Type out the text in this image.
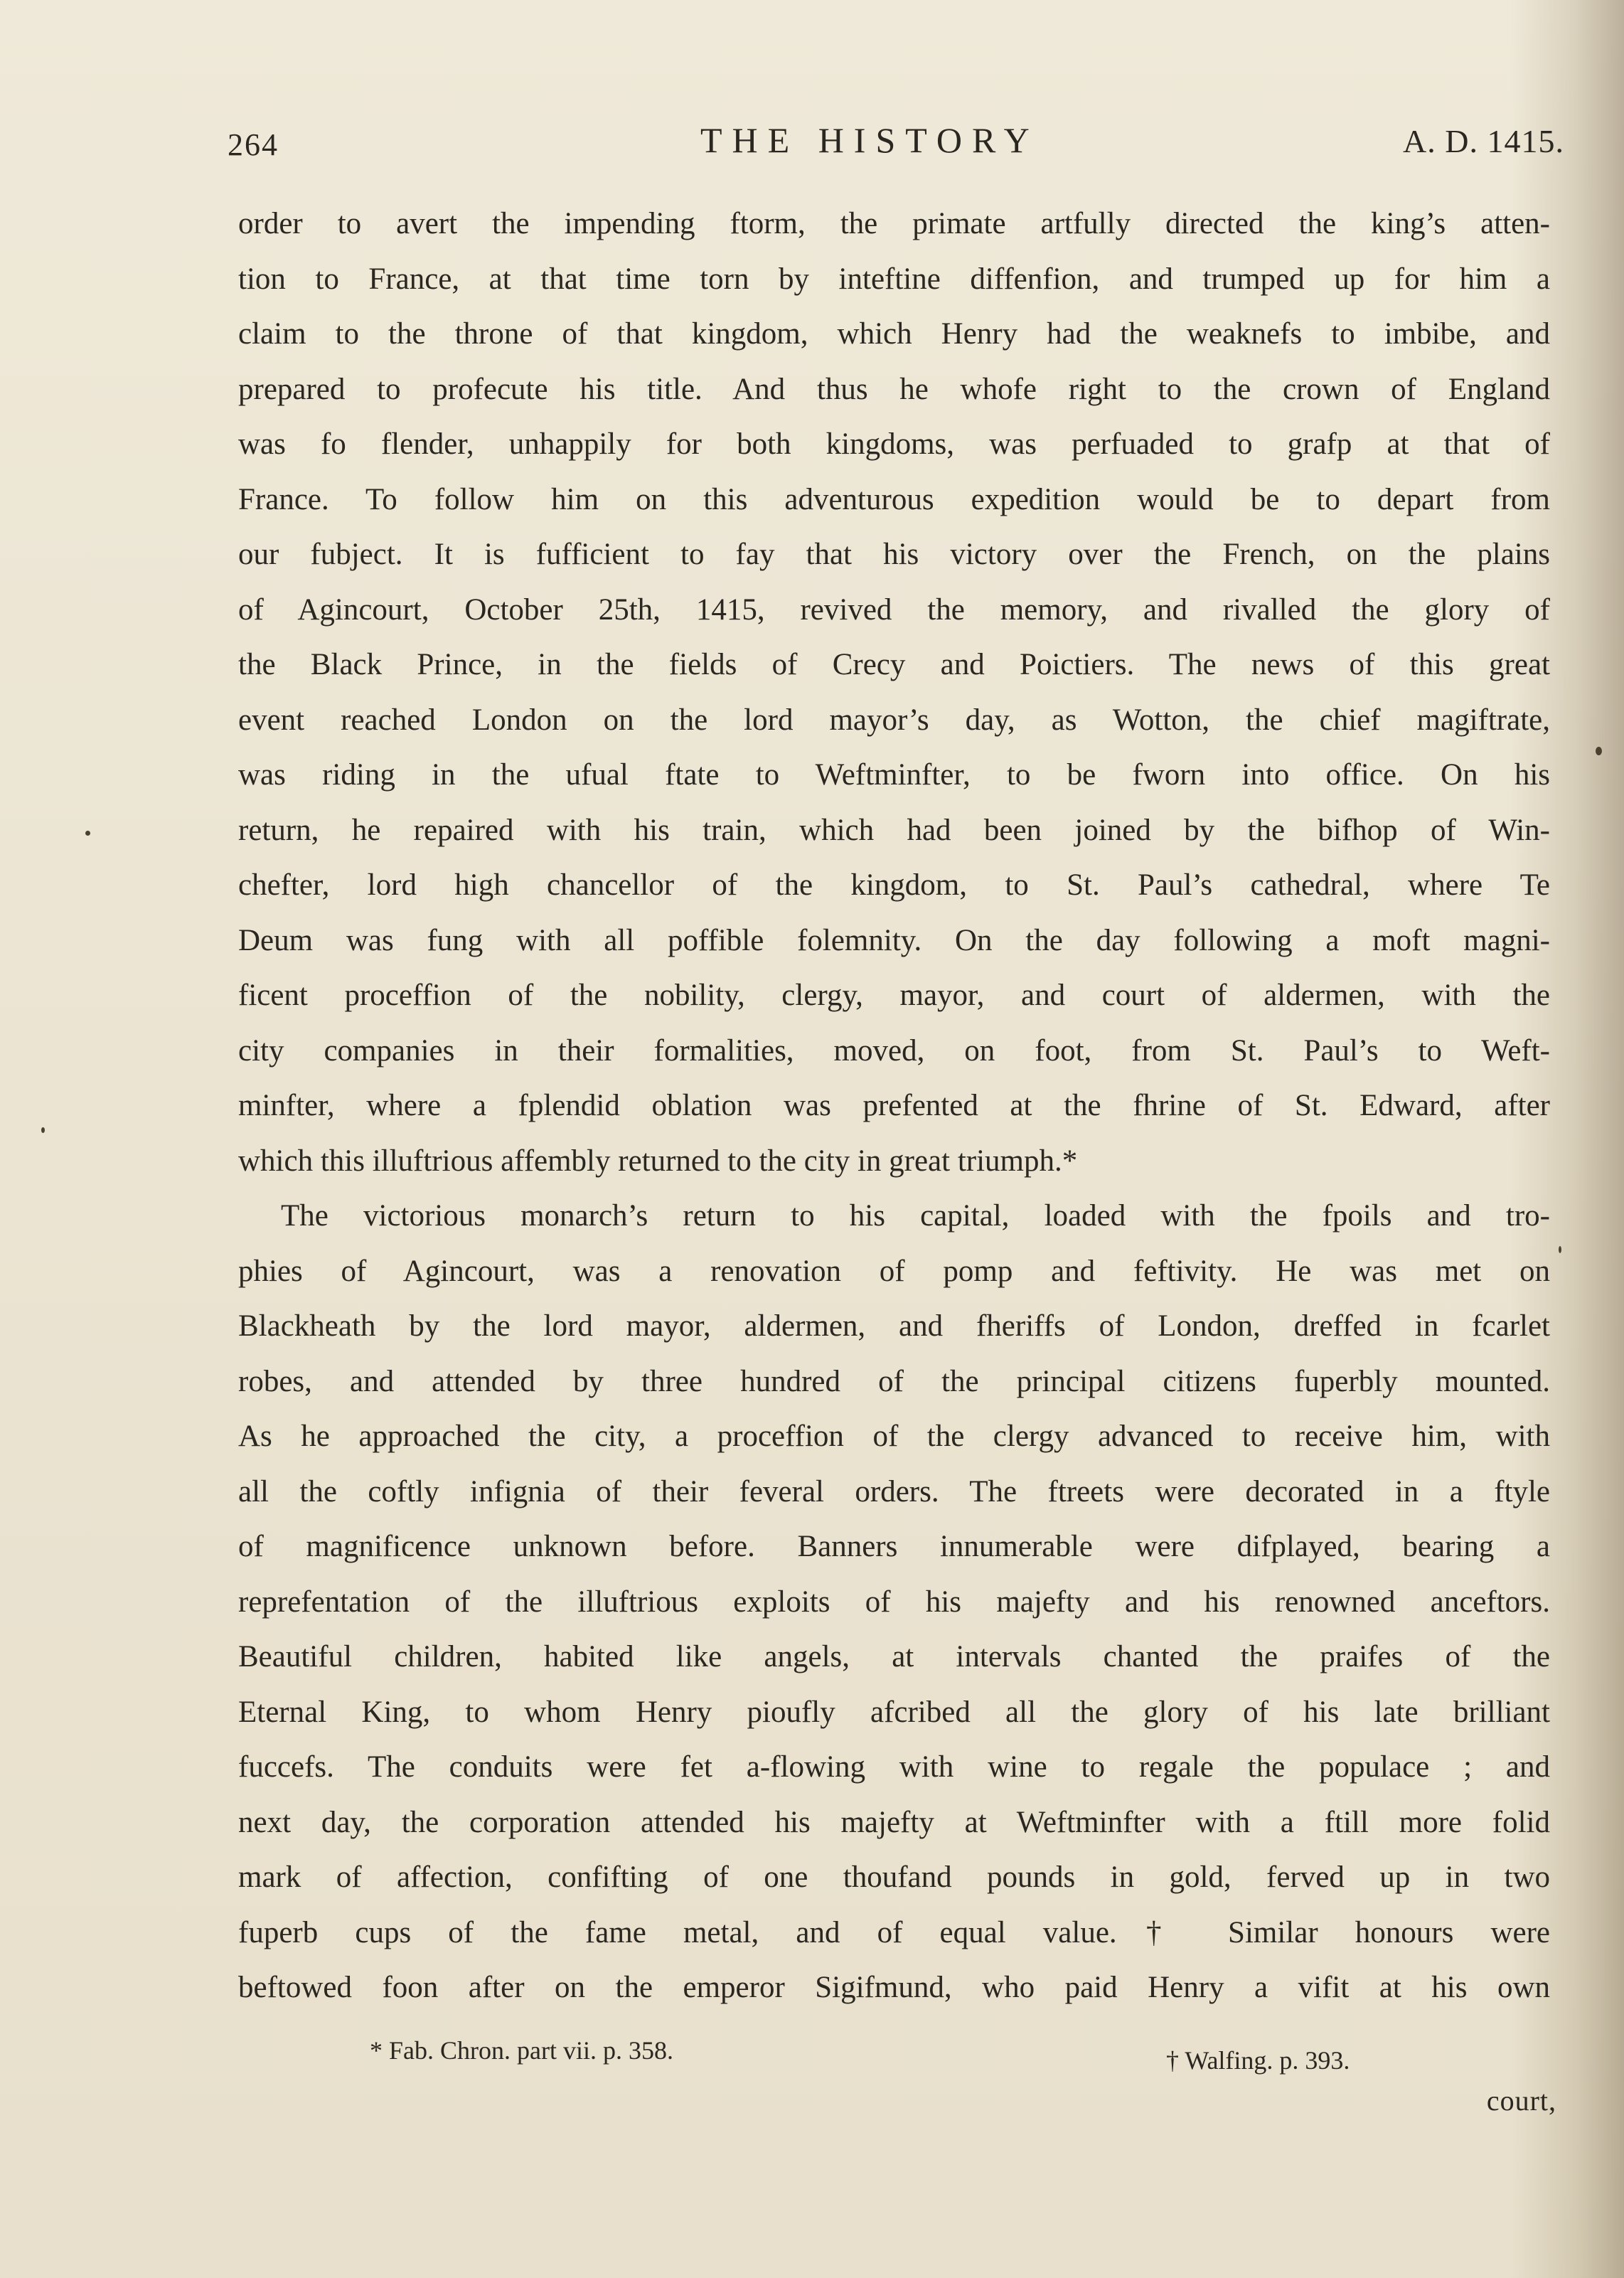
264	THE HISTORY	A. D. 1415.
order to avert the impending ftorm, the primate artfully directed the king’s atten-
tion to France, at that time torn by inteftine diffenfion, and trumped up for him a
claim to the throne of that kingdom, which Henry had the weaknefs to imbibe, and
prepared to profecute his title. And thus he whofe right to the crown of England
was fo flender, unhappily for both kingdoms, was perfuaded to grafp at that of
France. To follow him on this adventurous expedition would be to depart from
our fubject. It is fufficient to fay that his victory over the French, on the plains
of Agincourt, October 25th, 1415, revived the memory, and rivalled the glory of
the Black Prince, in the fields of Crecy and Poictiers. The news of this great
event reached London on the lord mayor’s day, as Wotton, the chief magiftrate,
was riding in the ufual ftate to Weftminfter, to be fworn into office. On his
return, he repaired with his train, which had been joined by the bifhop of Win-
chefter, lord high chancellor of the kingdom, to St. Paul’s cathedral, where Te
Deum was fung with all poffible folemnity. On the day following a moft magni-
ficent proceffion of the nobility, clergy, mayor, and court of aldermen, with the
city companies in their formalities, moved, on foot, from St. Paul’s to Weft-
minfter, where a fplendid oblation was prefented at the fhrine of St. Edward, after
which this illuftrious affembly returned to the city in great triumph.*
The victorious monarch’s return to his capital, loaded with the fpoils and tro-
phies of Agincourt, was a renovation of pomp and feftivity. He was met on
Blackheath by the lord mayor, aldermen, and fheriffs of London, dreffed in fcarlet
robes, and attended by three hundred of the principal citizens fuperbly mounted.
As he approached the city, a proceffion of the clergy advanced to receive him, with
all the coftly infignia of their feveral orders. The ftreets were decorated in a ftyle
of magnificence unknown before. Banners innumerable were difplayed, bearing a
reprefentation of the illuftrious exploits of his majefty and his renowned anceftors.
Beautiful children, habited like angels, at intervals chanted the praifes of the
Eternal King, to whom Henry pioufly afcribed all the glory of his late brilliant
fuccefs. The conduits were fet a-flowing with wine to regale the populace ; and
next day, the corporation attended his majefty at Weftminfter with a ftill more folid
mark of affection, confifting of one thoufand pounds in gold, ferved up in two
fuperb cups of the fame metal, and of equal value.† Similar honours were
beftowed foon after on the emperor Sigifmund, who paid Henry a vifit at his own
* Fab. Chron. part vii. p. 358.	† Walfing. p. 393.
court,
